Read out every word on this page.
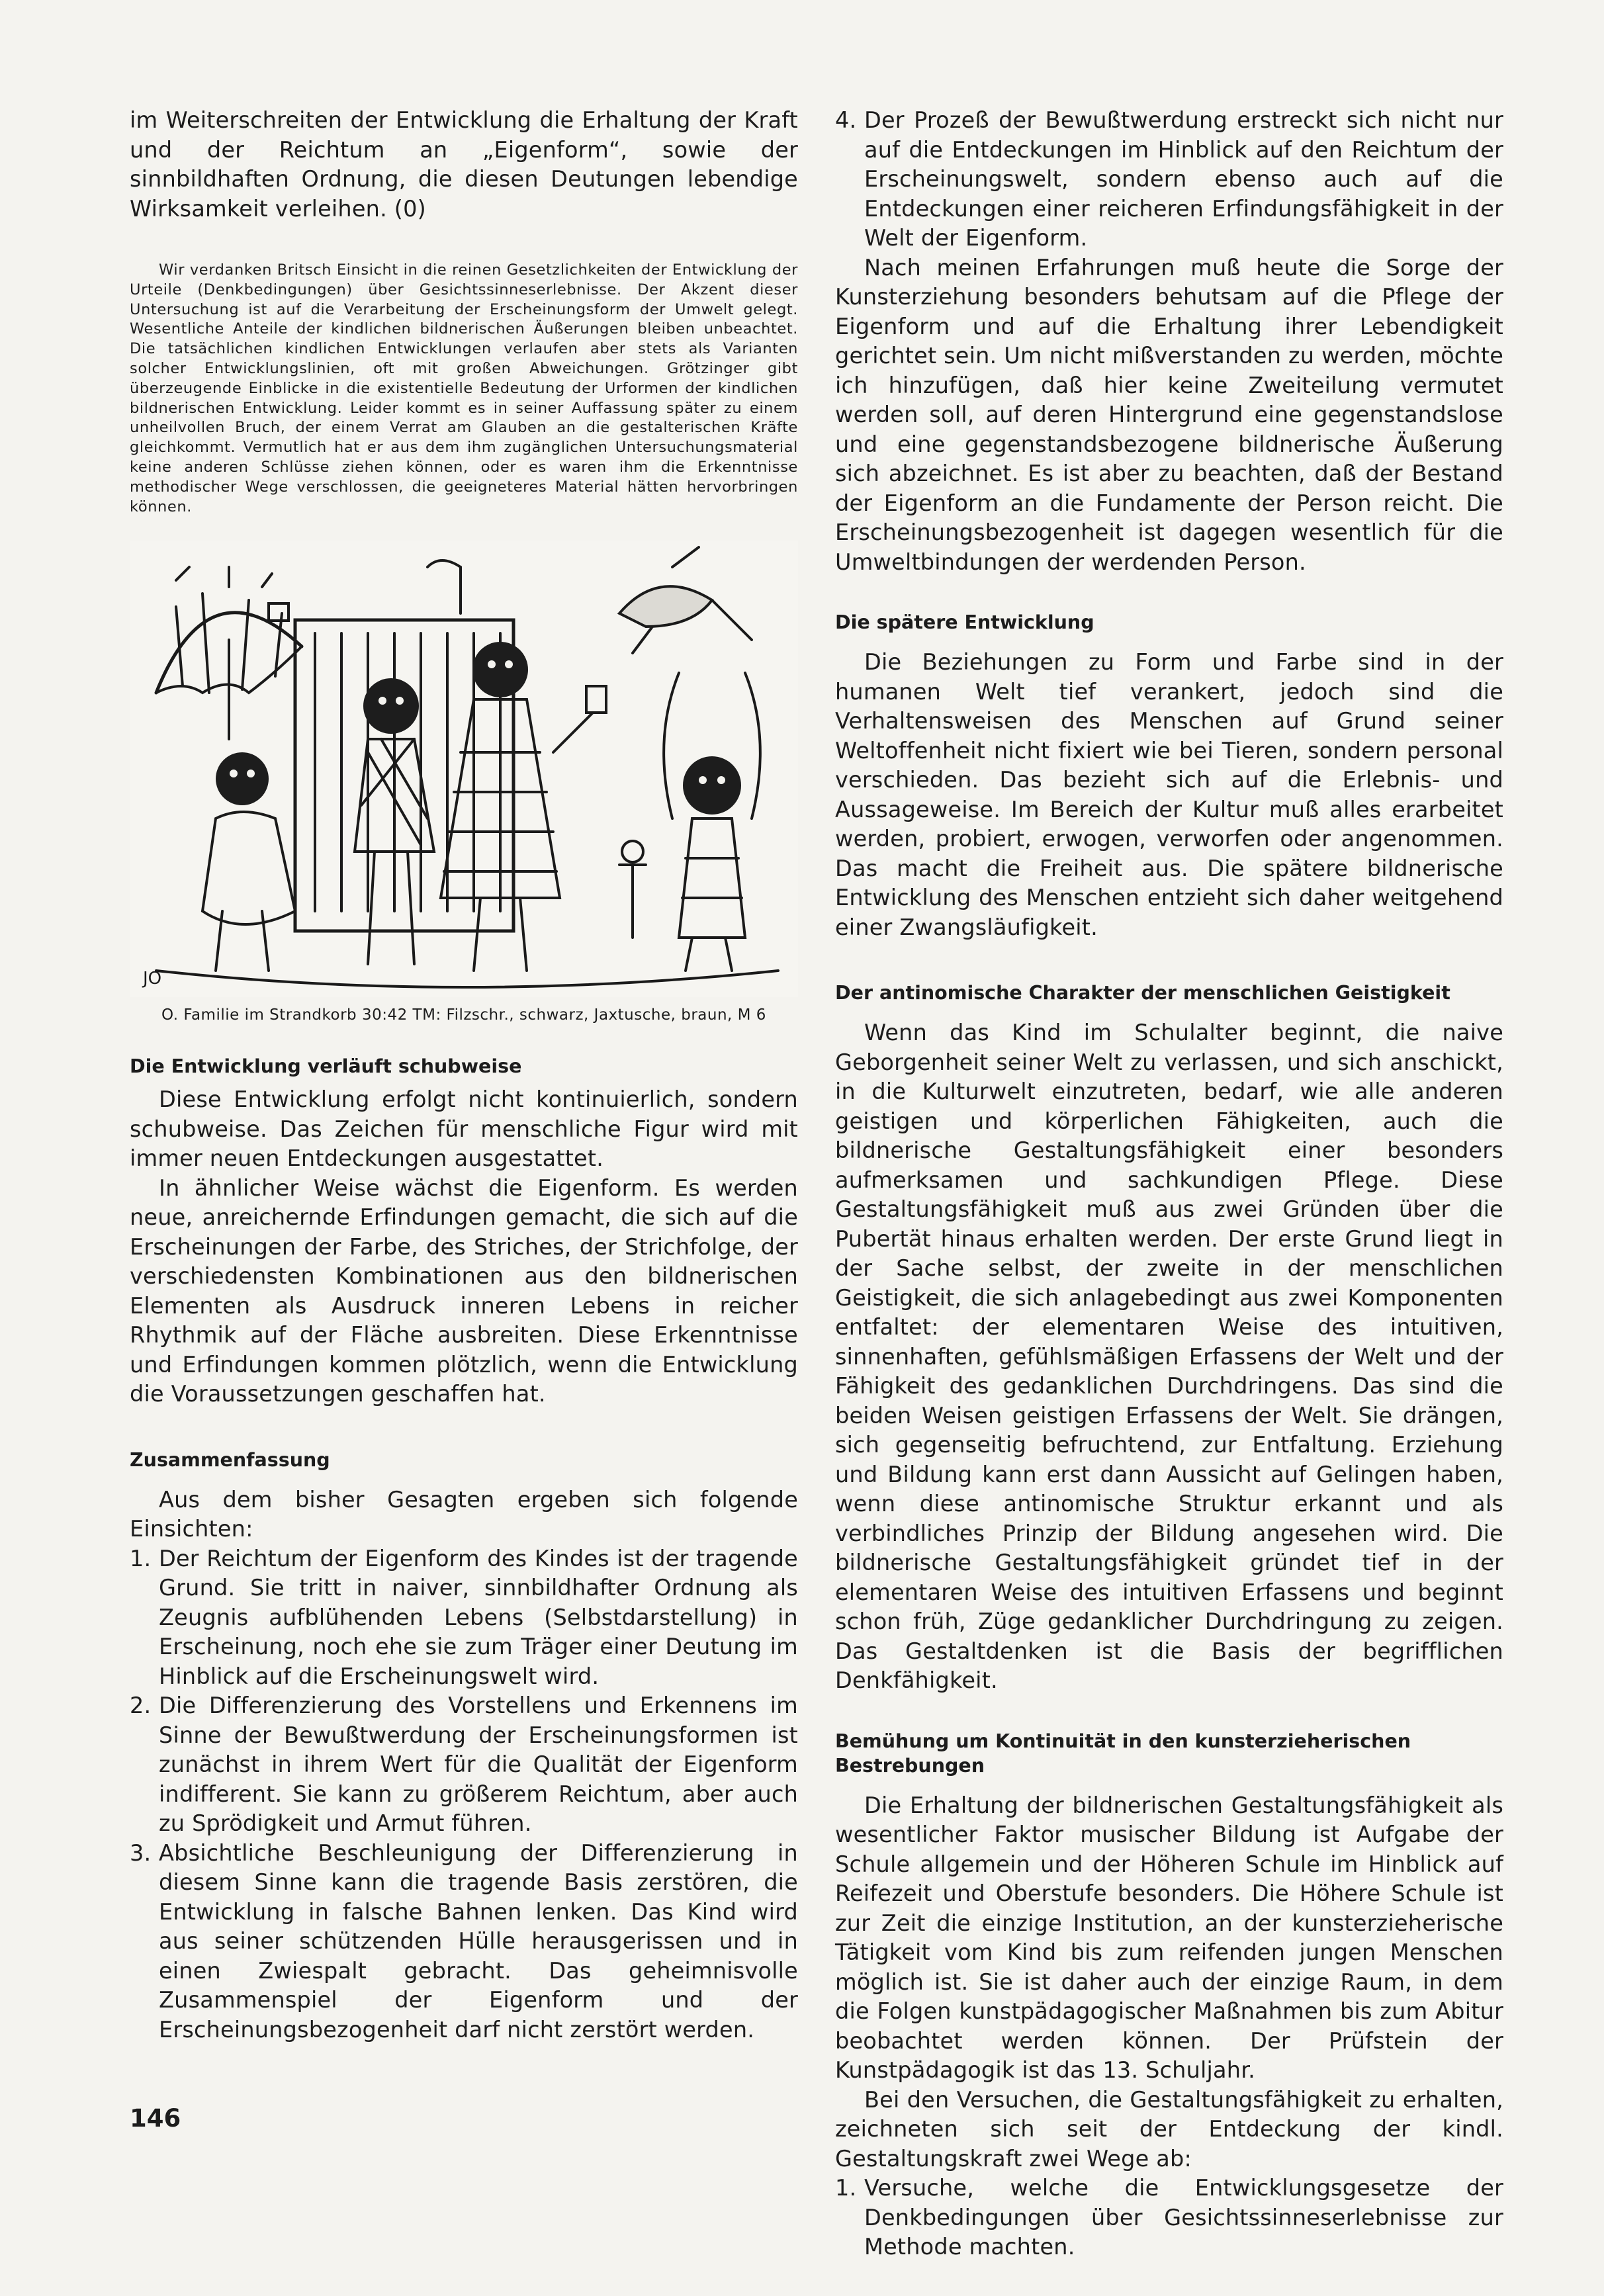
im Weiterschreiten der Entwicklung die Erhaltung der Kraft und der Reichtum an „Eigenform“, sowie der sinnbildhaften Ordnung, die diesen Deutungen lebendige Wirksamkeit verleihen. (0)

Wir verdanken Britsch Einsicht in die reinen Gesetzlichkeiten der Entwicklung der Urteile (Denkbedingungen) über Gesichtssinneserlebnisse. Der Akzent dieser Untersuchung ist auf die Verarbeitung der Erscheinungsform der Umwelt gelegt. Wesentliche Anteile der kindlichen bildnerischen Äußerungen bleiben unbeachtet. Die tatsächlichen kindlichen Entwicklungen verlaufen aber stets als Varianten solcher Entwicklungslinien, oft mit großen Abweichungen. Grötzinger gibt überzeugende Einblicke in die existentielle Bedeutung der Urformen der kindlichen bildnerischen Entwicklung. Leider kommt es in seiner Auffassung später zu einem unheilvollen Bruch, der einem Verrat am Glauben an die gestalterischen Kräfte gleichkommt. Vermutlich hat er aus dem ihm zugänglichen Untersuchungsmaterial keine anderen Schlüsse ziehen können, oder es waren ihm die Erkenntnisse methodischer Wege verschlossen, die geeigneteres Material hätten hervorbringen können.

JO

O. Familie im Strandkorb 30:42 TM: Filzschr., schwarz, Jaxtusche, braun, M 6

Die Entwicklung verläuft schubweise

Diese Entwicklung erfolgt nicht kontinuierlich, sondern schubweise. Das Zeichen für menschliche Figur wird mit immer neuen Entdeckungen ausgestattet.

In ähnlicher Weise wächst die Eigenform. Es werden neue, anreichernde Erfindungen gemacht, die sich auf die Erscheinungen der Farbe, des Striches, der Strichfolge, der verschiedensten Kombinationen aus den bildnerischen Elementen als Ausdruck inneren Lebens in reicher Rhythmik auf der Fläche ausbreiten. Diese Erkenntnisse und Erfindungen kommen plötzlich, wenn die Entwicklung die Voraussetzungen geschaffen hat.

Zusammenfassung

Aus dem bisher Gesagten ergeben sich folgende Einsichten:

1. Der Reichtum der Eigenform des Kindes ist der tragende Grund. Sie tritt in naiver, sinnbildhafter Ordnung als Zeugnis aufblühenden Lebens (Selbstdarstellung) in Erscheinung, noch ehe sie zum Träger einer Deutung im Hinblick auf die Erscheinungswelt wird.
2. Die Differenzierung des Vorstellens und Erkennens im Sinne der Bewußtwerdung der Erscheinungsformen ist zunächst in ihrem Wert für die Qualität der Eigenform indifferent. Sie kann zu größerem Reichtum, aber auch zu Sprödigkeit und Armut führen.
3. Absichtliche Beschleunigung der Differenzierung in diesem Sinne kann die tragende Basis zerstören, die Entwicklung in falsche Bahnen lenken. Das Kind wird aus seiner schützenden Hülle herausgerissen und in einen Zwiespalt gebracht. Das geheimnisvolle Zusammenspiel der Eigenform und der Erscheinungsbezogenheit darf nicht zerstört werden.
4. Der Prozeß der Bewußtwerdung erstreckt sich nicht nur auf die Entdeckungen im Hinblick auf den Reichtum der Erscheinungswelt, sondern ebenso auch auf die Entdeckungen einer reicheren Erfindungsfähigkeit in der Welt der Eigenform.

Nach meinen Erfahrungen muß heute die Sorge der Kunsterziehung besonders behutsam auf die Pflege der Eigenform und auf die Erhaltung ihrer Lebendigkeit gerichtet sein. Um nicht mißverstanden zu werden, möchte ich hinzufügen, daß hier keine Zweiteilung vermutet werden soll, auf deren Hintergrund eine gegenstandslose und eine gegenstandsbezogene bildnerische Äußerung sich abzeichnet. Es ist aber zu beachten, daß der Bestand der Eigenform an die Fundamente der Person reicht. Die Erscheinungsbezogenheit ist dagegen wesentlich für die Umweltbindungen der werdenden Person.

Die spätere Entwicklung

Die Beziehungen zu Form und Farbe sind in der humanen Welt tief verankert, jedoch sind die Verhaltensweisen des Menschen auf Grund seiner Weltoffenheit nicht fixiert wie bei Tieren, sondern personal verschieden. Das bezieht sich auf die Erlebnis- und Aussageweise. Im Bereich der Kultur muß alles erarbeitet werden, probiert, erwogen, verworfen oder angenommen. Das macht die Freiheit aus. Die spätere bildnerische Entwicklung des Menschen entzieht sich daher weitgehend einer Zwangsläufigkeit.

Der antinomische Charakter der menschlichen Geistigkeit

Wenn das Kind im Schulalter beginnt, die naive Geborgenheit seiner Welt zu verlassen, und sich anschickt, in die Kulturwelt einzutreten, bedarf, wie alle anderen geistigen und körperlichen Fähigkeiten, auch die bildnerische Gestaltungsfähigkeit einer besonders aufmerksamen und sachkundigen Pflege. Diese Gestaltungsfähigkeit muß aus zwei Gründen über die Pubertät hinaus erhalten werden. Der erste Grund liegt in der Sache selbst, der zweite in der menschlichen Geistigkeit, die sich anlagebedingt aus zwei Komponenten entfaltet: der elementaren Weise des intuitiven, sinnenhaften, gefühlsmäßigen Erfassens der Welt und der Fähigkeit des gedanklichen Durchdringens. Das sind die beiden Weisen geistigen Erfassens der Welt. Sie drängen, sich gegenseitig befruchtend, zur Entfaltung. Erziehung und Bildung kann erst dann Aussicht auf Gelingen haben, wenn diese antinomische Struktur erkannt und als verbindliches Prinzip der Bildung angesehen wird. Die bildnerische Gestaltungsfähigkeit gründet tief in der elementaren Weise des intuitiven Erfassens und beginnt schon früh, Züge gedanklicher Durchdringung zu zeigen. Das Gestaltdenken ist die Basis der begrifflichen Denkfähigkeit.

Bemühung um Kontinuität in den kunsterzieherischen Bestrebungen

Die Erhaltung der bildnerischen Gestaltungsfähigkeit als wesentlicher Faktor musischer Bildung ist Aufgabe der Schule allgemein und der Höheren Schule im Hinblick auf Reifezeit und Oberstufe besonders. Die Höhere Schule ist zur Zeit die einzige Institution, an der kunsterzieherische Tätigkeit vom Kind bis zum reifenden jungen Menschen möglich ist. Sie ist daher auch der einzige Raum, in dem die Folgen kunstpädagogischer Maßnahmen bis zum Abitur beobachtet werden können. Der Prüfstein der Kunstpädagogik ist das 13. Schuljahr.

Bei den Versuchen, die Gestaltungsfähigkeit zu erhalten, zeichneten sich seit der Entdeckung der kindl. Gestaltungskraft zwei Wege ab:

1. Versuche, welche die Entwicklungsgesetze der Denkbedingungen über Gesichtssinneserlebnisse zur Methode machten.
146
